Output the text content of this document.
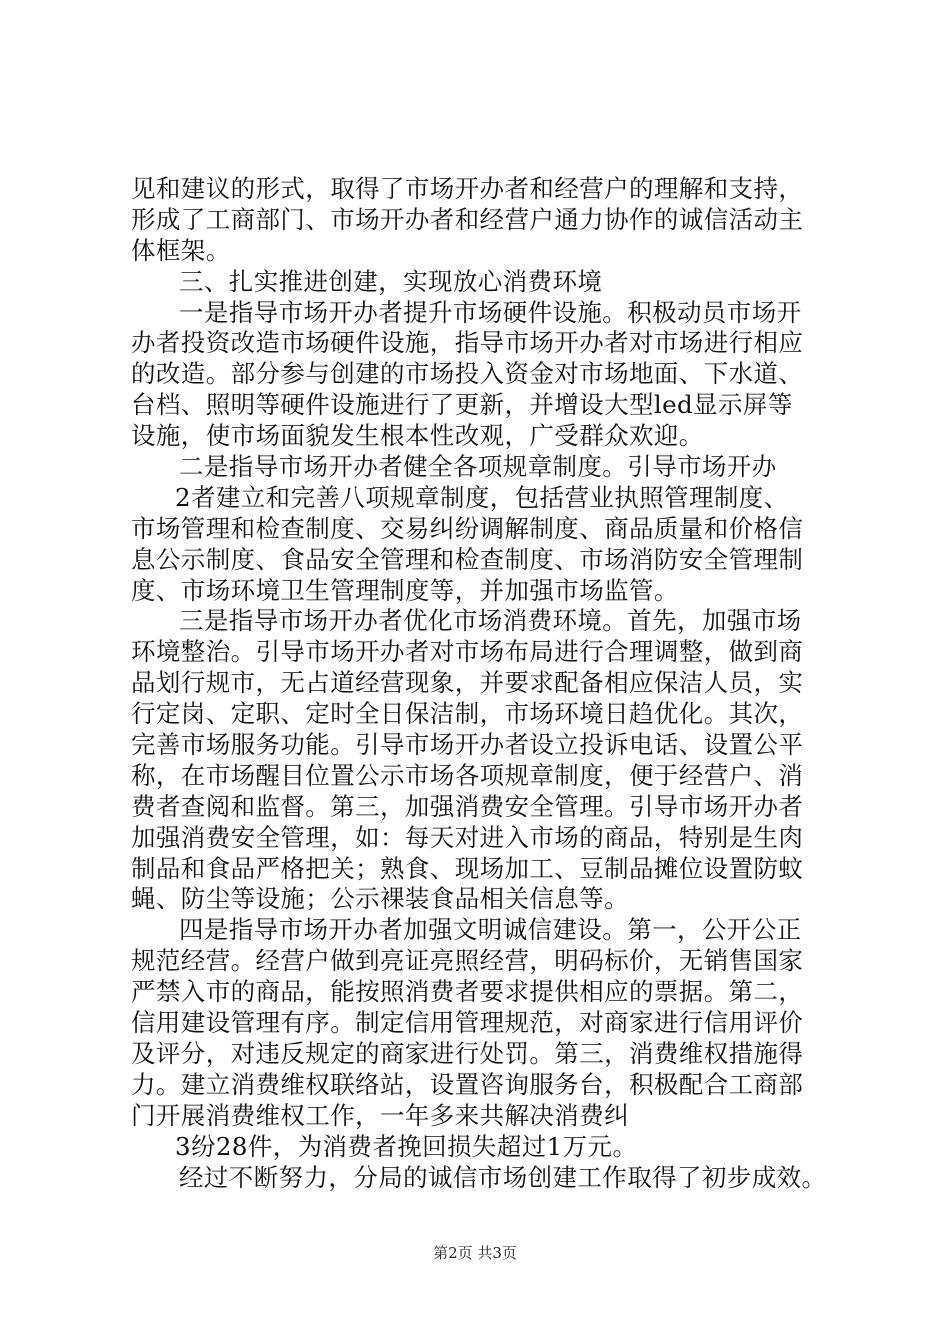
见和建议的形式，取得了市场开办者和经营户的理解和支持，
形成了工商部门、市场开办者和经营户通力协作的诚信活动主
体框架。
三、扎实推进创建，实现放心消费环境
一是指导市场开办者提升市场硬件设施。积极动员市场开
办者投资改造市场硬件设施，指导市场开办者对市场进行相应
的改造。部分参与创建的市场投入资金对市场地面、下水道、
台档、照明等硬件设施进行了更新，并增设大型led显示屏等
设施，使市场面貌发生根本性改观，广受群众欢迎。
二是指导市场开办者健全各项规章制度。引导市场开办
2者建立和完善八项规章制度，包括营业执照管理制度、
市场管理和检查制度、交易纠纷调解制度、商品质量和价格信
息公示制度、食品安全管理和检查制度、市场消防安全管理制
度、市场环境卫生管理制度等，并加强市场监管。
三是指导市场开办者优化市场消费环境。首先，加强市场
环境整治。引导市场开办者对市场布局进行合理调整，做到商
品划行规市，无占道经营现象，并要求配备相应保洁人员，实
行定岗、定职、定时全日保洁制，市场环境日趋优化。其次，
完善市场服务功能。引导市场开办者设立投诉电话、设置公平
称，在市场醒目位置公示市场各项规章制度，便于经营户、消
费者查阅和监督。第三，加强消费安全管理。引导市场开办者
加强消费安全管理，如：每天对进入市场的商品，特别是生肉
制品和食品严格把关；熟食、现场加工、豆制品摊位设置防蚊
蝇、防尘等设施；公示裸装食品相关信息等。
四是指导市场开办者加强文明诚信建设。第一，公开公正
规范经营。经营户做到亮证亮照经营，明码标价，无销售国家
严禁入市的商品，能按照消费者要求提供相应的票据。第二，
信用建设管理有序。制定信用管理规范，对商家进行信用评价
及评分，对违反规定的商家进行处罚。第三，消费维权措施得
力。建立消费维权联络站，设置咨询服务台，积极配合工商部
门开展消费维权工作，一年多来共解决消费纠
3纷28件，为消费者挽回损失超过1万元。
经过不断努力，分局的诚信市场创建工作取得了初步成效。
第2页 共3页
